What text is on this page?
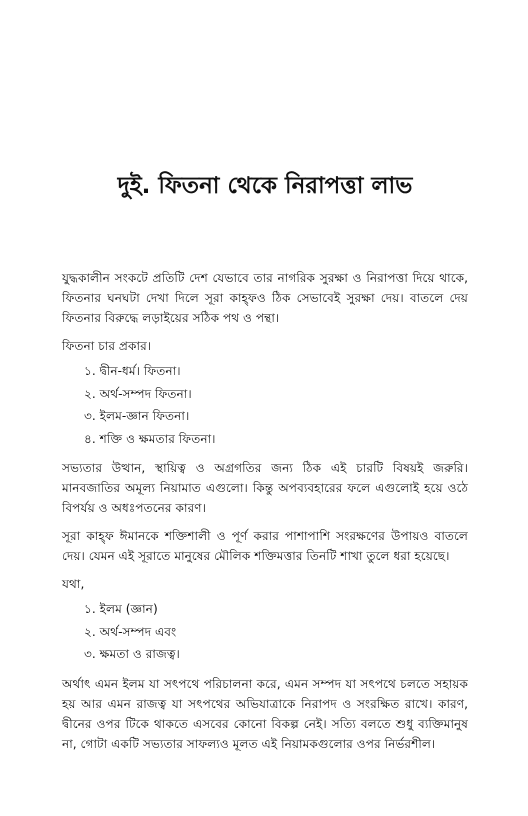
দুই. ফিতনা থেকে নিরাপত্তা লাভ

যুদ্ধকালীন সংকটে প্রতিটি দেশ যেভাবে তার নাগরিক সুরক্ষা ও নিরাপত্তা দিয়ে থাকে, ফিতনার ঘনঘটা দেখা দিলে সূরা কাহ্ফও ঠিক সেভাবেই সুরক্ষা দেয়। বাতলে দেয় ফিতনার বিরুদ্ধে লড়াইয়ের সঠিক পথ ও পন্থা।

ফিতনা চার প্রকার।

১. দ্বীন-ধর্ম। ফিতনা।
২. অর্থ-সম্পদ ফিতনা।
৩. ইলম-জ্ঞান ফিতনা।
৪. শক্তি ও ক্ষমতার ফিতনা।

সভ্যতার উত্থান, স্থায়িত্ব ও অগ্রগতির জন্য ঠিক এই চারটি বিষয়ই জরুরি। মানবজাতির অমূল্য নিয়ামাত এগুলো। কিন্তু অপব্যবহারের ফলে এগুলোই হয়ে ওঠে বিপর্যয় ও অধঃপতনের কারণ।

সূরা কাহ্ফ ঈমানকে শক্তিশালী ও পূর্ণ করার পাশাপাশি সংরক্ষণের উপায়ও বাতলে দেয়। যেমন এই সূরাতে মানুষের মৌলিক শক্তিমত্তার তিনটি শাখা তুলে ধরা হয়েছে।

যথা,

১. ইলম (জ্ঞান)
২. অর্থ-সম্পদ এবং
৩. ক্ষমতা ও রাজত্ব।

অর্থাৎ এমন ইলম যা সৎপথে পরিচালনা করে, এমন সম্পদ যা সৎপথে চলতে সহায়ক হয় আর এমন রাজত্ব যা সৎপথের অভিযাত্রাকে নিরাপদ ও সংরক্ষিত রাখে। কারণ, দ্বীনের ওপর টিকে থাকতে এসবের কোনো বিকল্প নেই। সত্যি বলতে শুধু ব্যক্তিমানুষ না, গোটা একটি সভ্যতার সাফল্যও মূলত এই নিয়ামকগুলোর ওপর নির্ভরশীল।
